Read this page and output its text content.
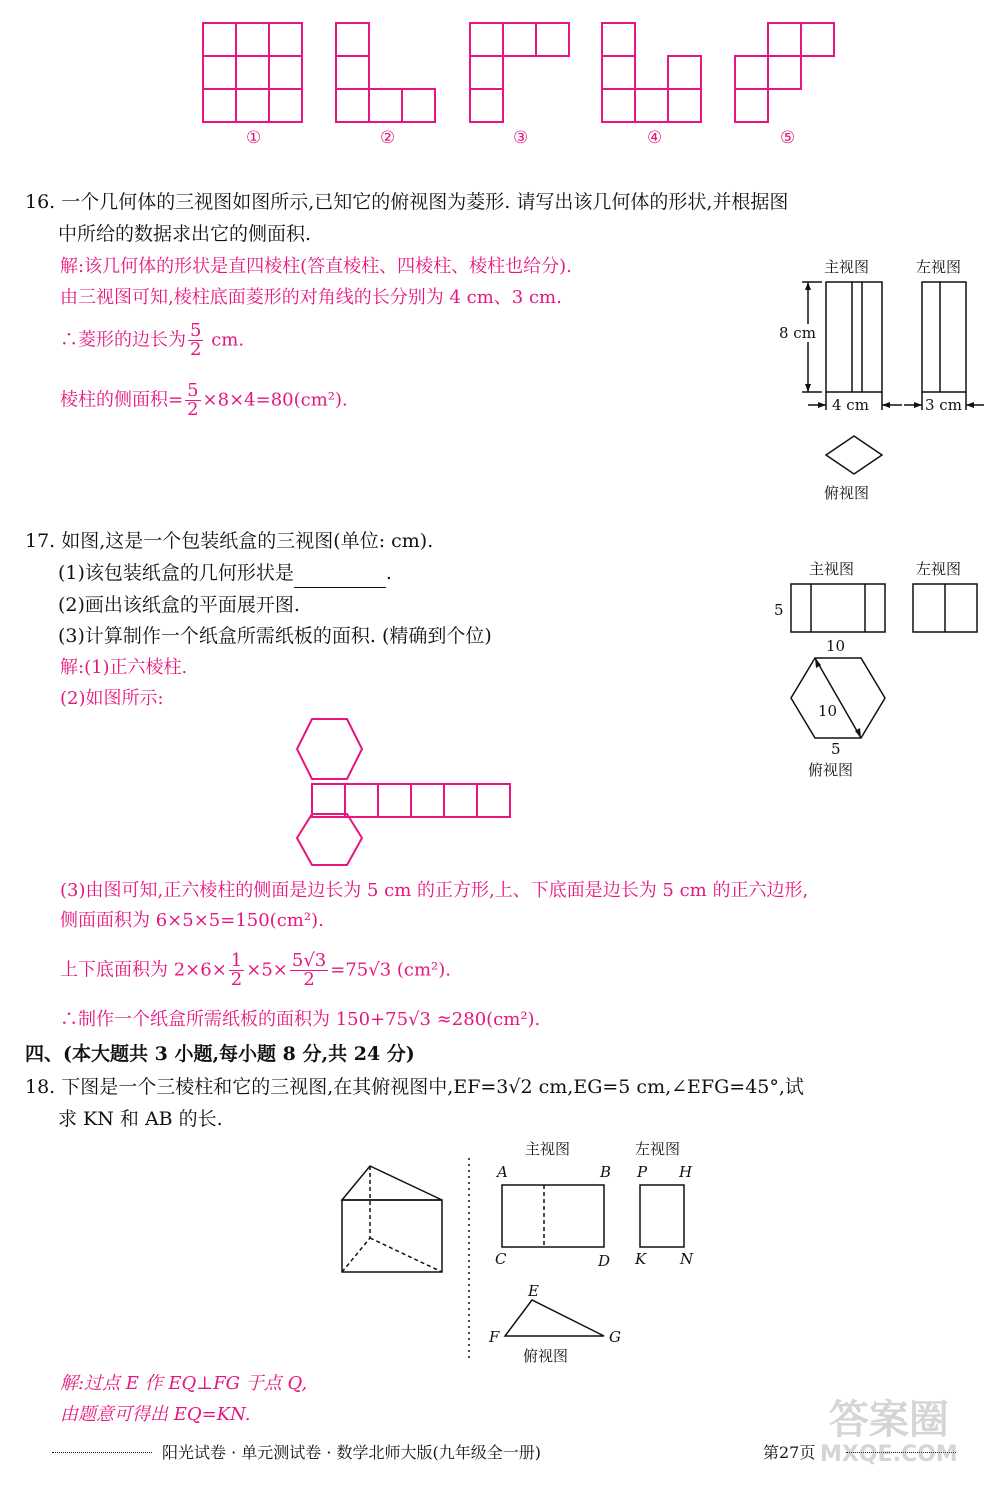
①	②	③	④	⑤
16. 一个几何体的三视图如图所示,已知它的俯视图为菱形. 请写出该几何体的形状,并根据图
中所给的数据求出它的侧面积.
解:该几何体的形状是直四棱柱(答直棱柱、四棱柱、棱柱也给分).
由三视图可知,棱柱底面菱形的对角线的长分别为 4 cm、3 cm.
∴菱形的边长为 $\frac{5}{2}$ cm.
棱柱的侧面积= $\frac{5}{2} \times 8\times 4=80(cm^2)$.
主视图	左视图
8 cm
4 cm	3 cm
俯视图
17. 如图,这是一个包装纸盒的三视图(单位: cm).
(1)该包装纸盒的几何形状是	.
(2)画出该纸盒的平面展开图.
(3)计算制作一个纸盒所需纸板的面积. (精确到个位)
解:(1)正六棱柱.
(2)如图所示:
主视图	左视图
5
10
10
5
俯视图
(3)由图可知,正六棱柱的侧面是边长为 5 cm 的正方形,上、下底面是边长为 5 cm 的正六边形,
侧面面积为 6×5×5=150(cm²).
上下底面积为 $2\times 6\times \frac{1}{2} \times 5\times \frac{5√3}{2} =75√3$ (cm²).
∴制作一个纸盒所需纸板的面积为 150+75√3 ≈280(cm²).
四、(本大题共 3 小题,每小题 8 分,共 24 分)
18. 下图是一个三棱柱和它的三视图,在其俯视图中,EF=3√2 cm,EG=5 cm,∠EFG=45°,试
求 KN 和 AB 的长.
主视图	左视图
A	B
C	D
P H
K N
E
F	G
俯视图
解:过点 E 作 EQ⊥FG 于点 Q,
由题意可得出 EQ=KN.
阳光试卷 · 单元测试卷 · 数学北师大版(九年级全一册)	第27页
答案圈
MXQE.COM
